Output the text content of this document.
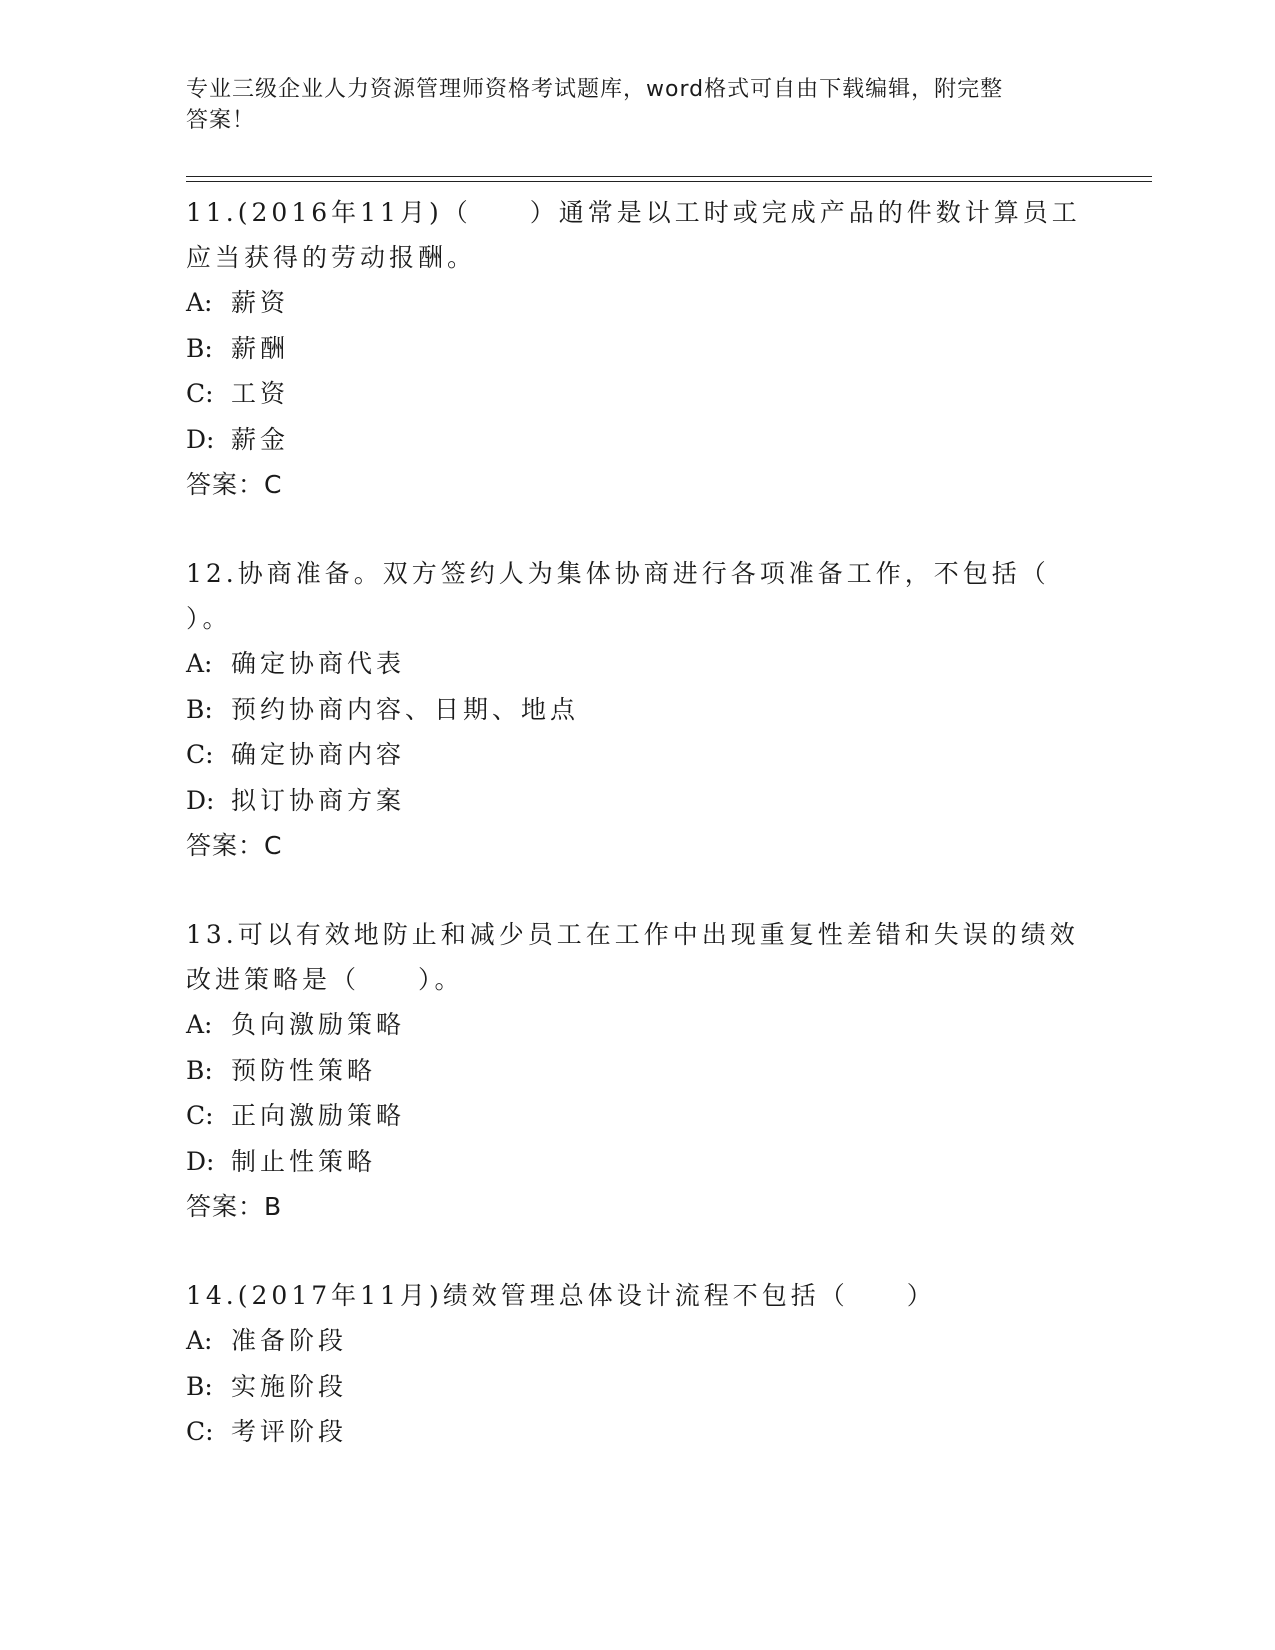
专业三级企业人力资源管理师资格考试题库，word格式可自由下载编辑，附完整
答案！

11.(2016年11月)（　　）通常是以工时或完成产品的件数计算员工

应当获得的劳动报酬。

A: 薪资
B: 薪酬
C: 工资
D: 薪金
答案：C

12.协商准备。双方签约人为集体协商进行各项准备工作，不包括（

）。

A: 确定协商代表
B: 预约协商内容、日期、地点
C: 确定协商内容
D: 拟订协商方案
答案：C

13.可以有效地防止和减少员工在工作中出现重复性差错和失误的绩效

改进策略是（　　）。

A: 负向激励策略
B: 预防性策略
C: 正向激励策略
D: 制止性策略
答案：B

14.(2017年11月)绩效管理总体设计流程不包括（　　）

A: 准备阶段
B: 实施阶段
C: 考评阶段
